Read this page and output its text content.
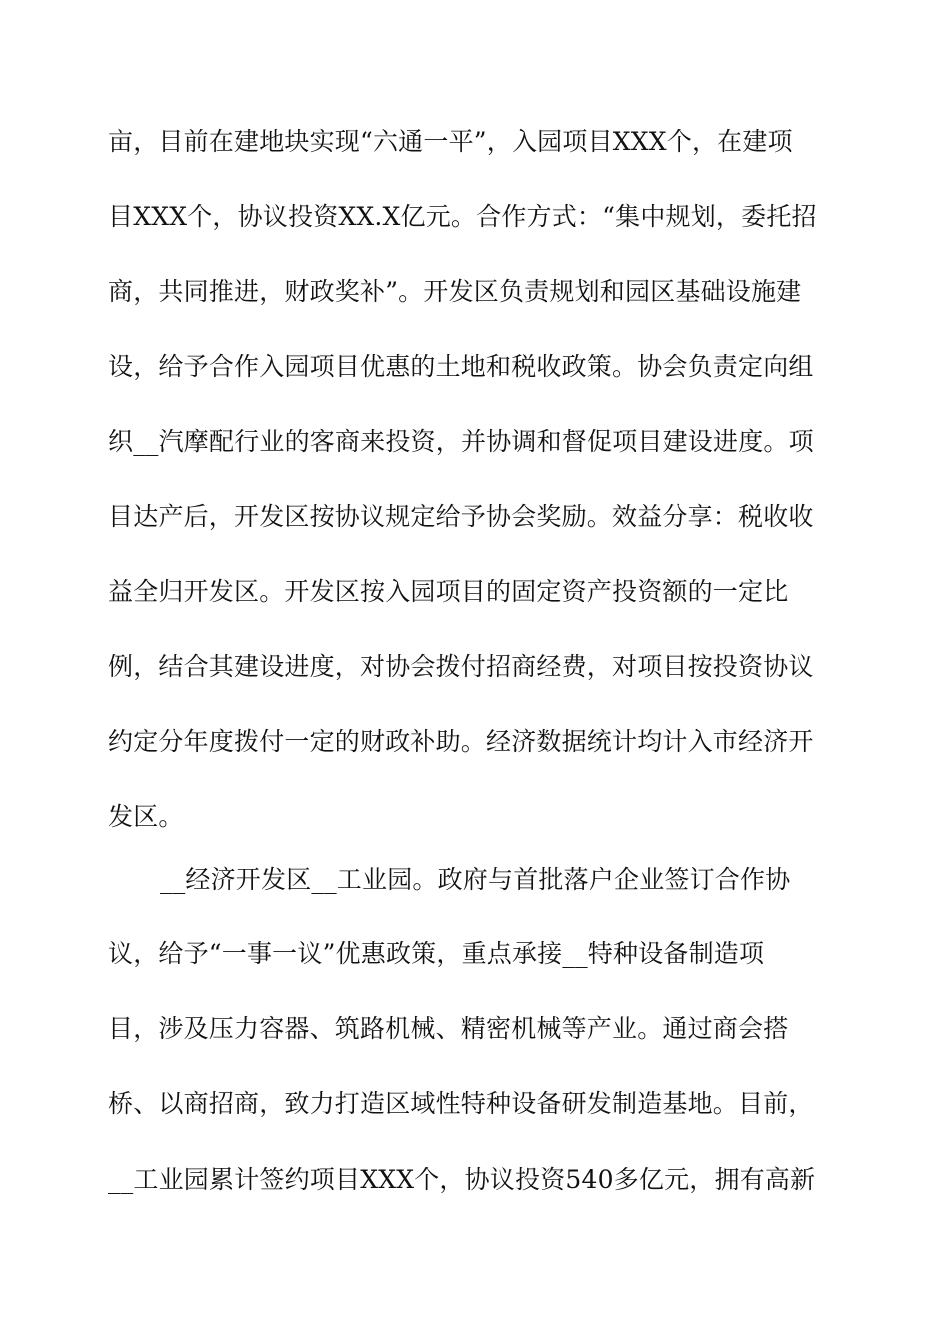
亩，目前在建地块实现“六通一平”，入园项目XXX个，在建项
目XXX个，协议投资XX.X亿元。合作方式：“集中规划，委托招
商，共同推进，财政奖补”。开发区负责规划和园区基础设施建
设，给予合作入园项目优惠的土地和税收政策。协会负责定向组
织__汽摩配行业的客商来投资，并协调和督促项目建设进度。项
目达产后，开发区按协议规定给予协会奖励。效益分享：税收收
益全归开发区。开发区按入园项目的固定资产投资额的一定比
例，结合其建设进度，对协会拨付招商经费，对项目按投资协议
约定分年度拨付一定的财政补助。经济数据统计均计入市经济开
发区。
__经济开发区__工业园。政府与首批落户企业签订合作协
议，给予“一事一议”优惠政策，重点承接__特种设备制造项
目，涉及压力容器、筑路机械、精密机械等产业。通过商会搭
桥、以商招商，致力打造区域性特种设备研发制造基地。目前，
__工业园累计签约项目XXX个，协议投资540多亿元，拥有高新
